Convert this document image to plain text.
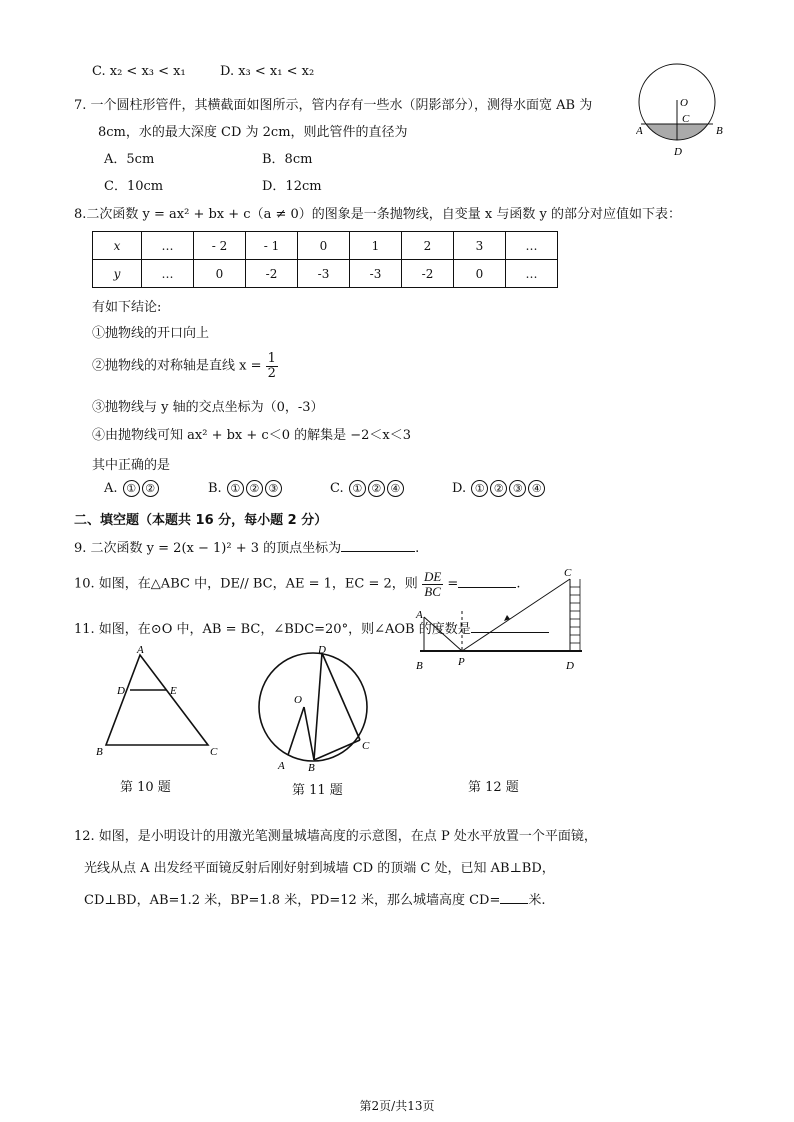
C. x₂ < x₃ < x₁	D. x₃ < x₁ < x₂
7. 一个圆柱形管件，其横截面如图所示，管内存有一些水（阴影部分），测得水面宽 AB 为
8cm，水的最大深度 CD 为 2cm，则此管件的直径为
A．5cm	B．8cm
C．10cm	D．12cm
O
C
A	B
D
8.二次函数 y = ax² + bx + c（a ≠ 0）的图象是一条抛物线，自变量 x 与函数 y 的部分对应值如下表：
x	…	- 2	- 1	0	1	2	3	…
y	…	0	-2	-3	-3	-2	0	…
有如下结论:
①抛物线的开口向上
②抛物线的对称轴是直线 $x = \frac{1}{2}$
③抛物线与 y 轴的交点坐标为（0，-3）
④由抛物线可知 ax² + bx + c＜0 的解集是 −2＜x＜3
其中正确的是
A. ① ②	B. ① ② ③	C. ① ② ④	D. ① ② ③ ④
二、填空题（本题共 16 分，每小题 2 分）
9. 二次函数 y = 2(x − 1)² + 3 的顶点坐标为	.
10. 如图，在△ABC 中，DE// BC，AE = 1，EC = 2，则 $\frac{DE}{BC}$ =	.
11. 如图，在⊙O 中，AB = BC，∠BDC=20°，则∠AOB 的度数是
C
A
B	P	D
A
D	E
B	C
第 10 题
D
O
C
A B
第 11 题	第 12 题
12. 如图，是小明设计的用激光笔测量城墙高度的示意图，在点 P 处水平放置一个平面镜，
光线从点 A 出发经平面镜反射后刚好射到城墙 CD 的顶端 C 处，已知 AB⊥BD，
CD⊥BD，AB=1.2 米，BP=1.8 米，PD=12 米，那么城墙高度 CD= 米.
第2页/共13页
